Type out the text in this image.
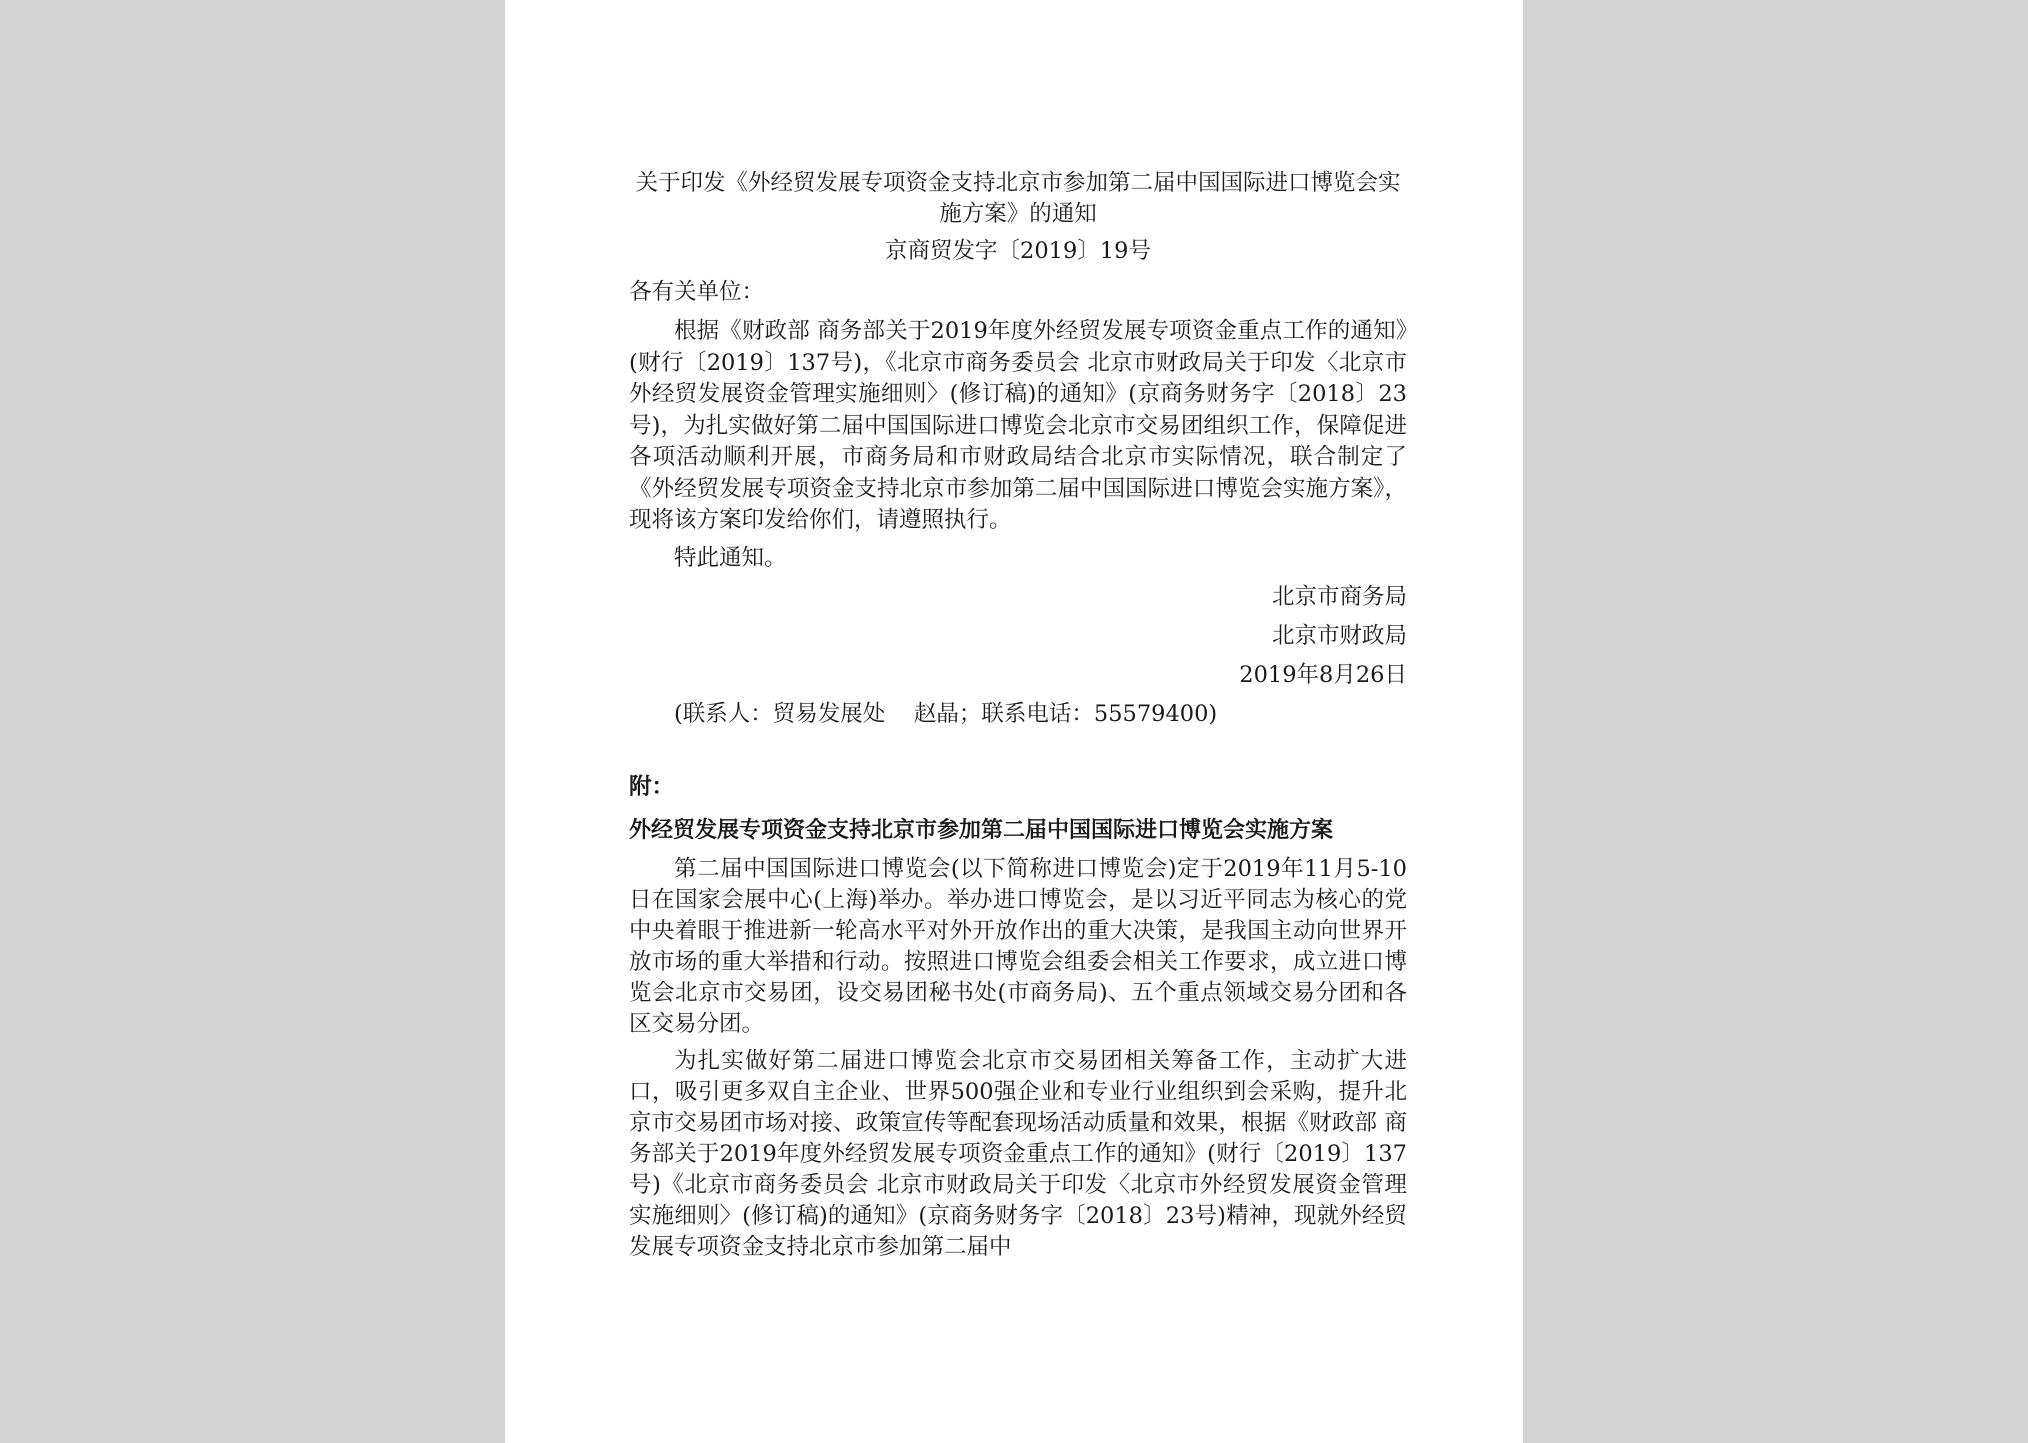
关于印发《外经贸发展专项资金支持北京市参加第二届中国国际进口博览会实施方案》的通知
京商贸发字〔2019〕19号
各有关单位：

根据《财政部 商务部关于2019年度外经贸发展专项资金重点工作的通知》(财行〔2019〕137号)，《北京市商务委员会 北京市财政局关于印发〈北京市外经贸发展资金管理实施细则〉(修订稿)的通知》(京商务财务字〔2018〕23号)，为扎实做好第二届中国国际进口博览会北京市交易团组织工作，保障促进各项活动顺利开展，市商务局和市财政局结合北京市实际情况，联合制定了《外经贸发展专项资金支持北京市参加第二届中国国际进口博览会实施方案》，现将该方案印发给你们，请遵照执行。

特此通知。

北京市商务局
北京市财政局
2019年8月26日
(联系人：贸易发展处    赵晶；联系电话：55579400)
附：
外经贸发展专项资金支持北京市参加第二届中国国际进口博览会实施方案

第二届中国国际进口博览会(以下简称进口博览会)定于2019年11月5-10日在国家会展中心(上海)举办。举办进口博览会，是以习近平同志为核心的党中央着眼于推进新一轮高水平对外开放作出的重大决策，是我国主动向世界开放市场的重大举措和行动。按照进口博览会组委会相关工作要求，成立进口博览会北京市交易团，设交易团秘书处(市商务局)、五个重点领域交易分团和各区交易分团。

为扎实做好第二届进口博览会北京市交易团相关筹备工作，主动扩大进口，吸引更多双自主企业、世界500强企业和专业行业组织到会采购，提升北京市交易团市场对接、政策宣传等配套现场活动质量和效果，根据《财政部 商务部关于2019年度外经贸发展专项资金重点工作的通知》(财行〔2019〕137号)《北京市商务委员会 北京市财政局关于印发〈北京市外经贸发展资金管理实施细则〉(修订稿)的通知》(京商务财务字〔2018〕23号)精神，现就外经贸发展专项资金支持北京市参加第二届中
